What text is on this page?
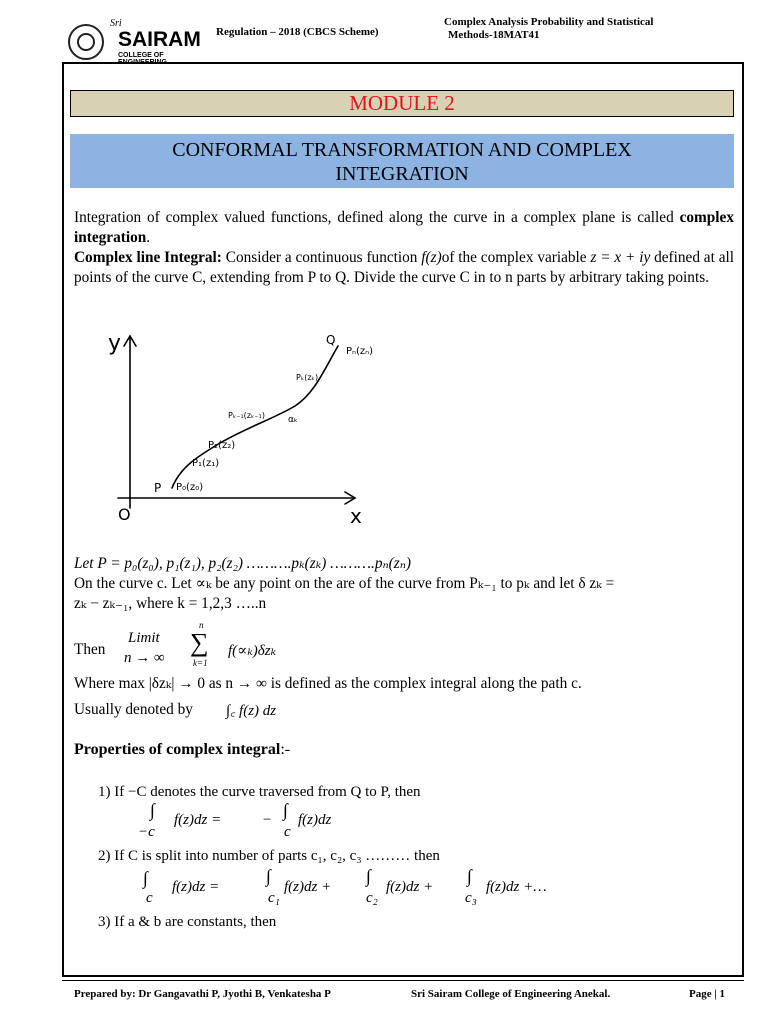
Sri
SAIRAM
COLLEGE OF ENGINEERING
Regulation – 2018 (CBCS Scheme)
Complex Analysis Probability and Statistical
Methods-18MAT41
MODULE 2
CONFORMAL TRANSFORMATION AND COMPLEX
INTEGRATION
Integration of complex valued functions, defined along the curve in a complex plane is called complex integration.
Complex line Integral: Consider a continuous function f(z)of the complex variable z = x + iy defined at all points of the curve C, extending from P to Q. Divide the curve C in to n parts by arbitrary taking points.
y
x
O
P
Q
P₀(z₀)
P₁(z₁)
P₂(z₂)
Pₖ₋₁(zₖ₋₁)	αₖ
Pₖ(zₖ)
Pₙ(zₙ)
Let P = p₀(z₀), p₁(z₁), p₂(z₂) ……….pₖ(zₖ) ……….pₙ(zₙ)
On the curve c. Let ∝ₖ be any point on the are of the curve from Pₖ₋₁ to pₖ and let δ zₖ =
zₖ − zₖ₋₁, where k = 1,2,3 …..n
Then
Limit
n → ∞
n
∑
k=1
f(∝ₖ)δzₖ
Where max |δzₖ| → 0 as n → ∞ is defined as the complex integral along the path c.
Usually denoted by ∫꜀ f(z) dz
Properties of complex integral:-
1) If −C denotes the curve traversed from Q to P, then
∫
−c
f(z)dz =	− ∫
c
f(z)dz
2) If C is split into number of parts c₁, c₂, c₃ ……… then
∫
c
f(z)dz =
∫
c₁
f(z)dz +
∫
c₂
f(z)dz +
∫
c₃
f(z)dz +…
3) If a & b are constants, then
Prepared by: Dr Gangavathi P, Jyothi B, Venkatesha P	Sri Sairam College of Engineering Anekal.	Page | 1
